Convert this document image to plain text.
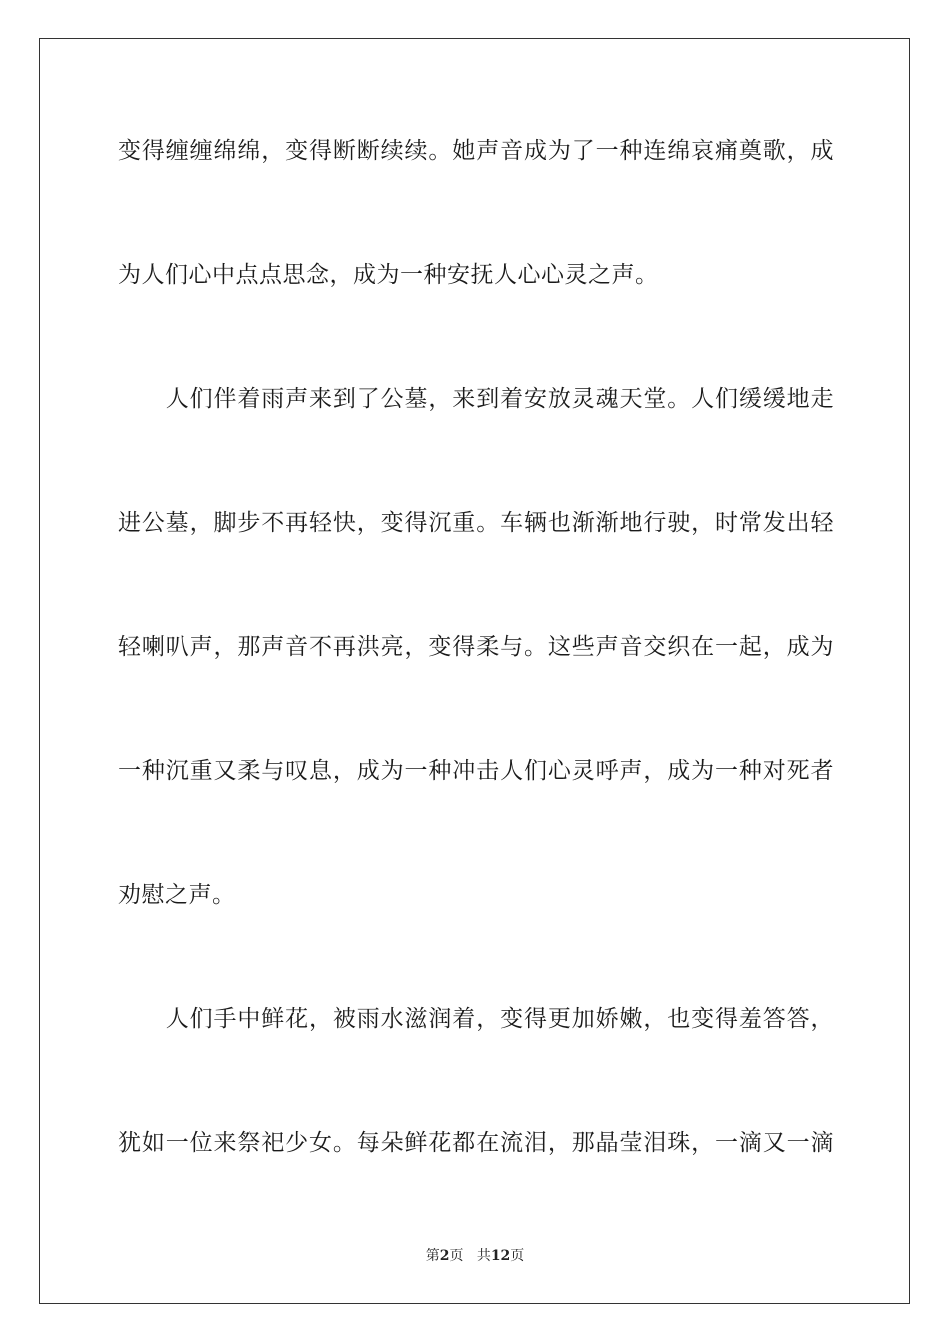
变得缠缠绵绵，变得断断续续。她声音成为了一种连绵哀痛奠歌，成
为人们心中点点思念，成为一种安抚人心心灵之声。
　　人们伴着雨声来到了公墓，来到着安放灵魂天堂。人们缓缓地走
进公墓，脚步不再轻快，变得沉重。车辆也渐渐地行驶，时常发出轻
轻喇叭声，那声音不再洪亮，变得柔与。这些声音交织在一起，成为
一种沉重又柔与叹息，成为一种冲击人们心灵呼声，成为一种对死者
劝慰之声。
　　人们手中鲜花，被雨水滋润着，变得更加娇嫩，也变得羞答答，
犹如一位来祭祀少女。每朵鲜花都在流泪，那晶莹泪珠，一滴又一滴
第2页 共12页
